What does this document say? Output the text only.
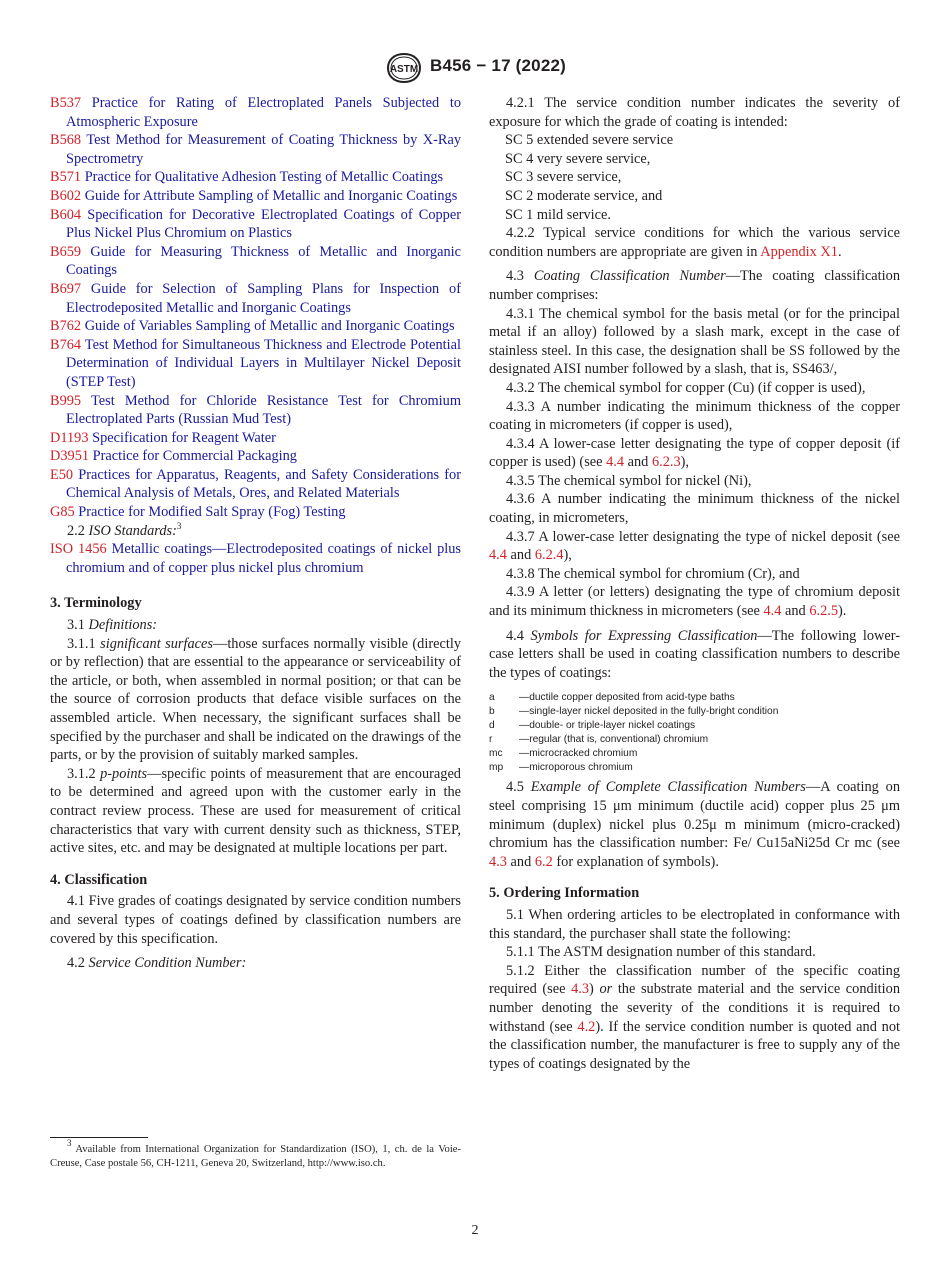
ASTM B456 − 17 (2022)
B537 Practice for Rating of Electroplated Panels Subjected to Atmospheric Exposure
B568 Test Method for Measurement of Coating Thickness by X-Ray Spectrometry
B571 Practice for Qualitative Adhesion Testing of Metallic Coatings
B602 Guide for Attribute Sampling of Metallic and Inorganic Coatings
B604 Specification for Decorative Electroplated Coatings of Copper Plus Nickel Plus Chromium on Plastics
B659 Guide for Measuring Thickness of Metallic and Inorganic Coatings
B697 Guide for Selection of Sampling Plans for Inspection of Electrodeposited Metallic and Inorganic Coatings
B762 Guide of Variables Sampling of Metallic and Inorganic Coatings
B764 Test Method for Simultaneous Thickness and Electrode Potential Determination of Individual Layers in Multilayer Nickel Deposit (STEP Test)
B995 Test Method for Chloride Resistance Test for Chromium Electroplated Parts (Russian Mud Test)
D1193 Specification for Reagent Water
D3951 Practice for Commercial Packaging
E50 Practices for Apparatus, Reagents, and Safety Considerations for Chemical Analysis of Metals, Ores, and Related Materials
G85 Practice for Modified Salt Spray (Fog) Testing
2.2 ISO Standards:$^3$
ISO 1456 Metallic coatings—Electrodeposited coatings of nickel plus chromium and of copper plus nickel plus chromium
3. Terminology
3.1 Definitions:
3.1.1 significant surfaces—those surfaces normally visible (directly or by reflection) that are essential to the appearance or serviceability of the article, or both, when assembled in normal position; or that can be the source of corrosion products that deface visible surfaces on the assembled article. When necessary, the significant surfaces shall be specified by the purchaser and shall be indicated on the drawings of the parts, or by the provision of suitably marked samples.
3.1.2 p-points—specific points of measurement that are encouraged to be determined and agreed upon with the customer early in the contract review process. These are used for measurement of critical characteristics that vary with current density such as thickness, STEP, active sites, etc. and may be designated at multiple locations per part.
4. Classification
4.1 Five grades of coatings designated by service condition numbers and several types of coatings defined by classification numbers are covered by this specification.
4.2 Service Condition Number:
4.2.1 The service condition number indicates the severity of exposure for which the grade of coating is intended:
SC 5 extended severe service
SC 4 very severe service,
SC 3 severe service,
SC 2 moderate service, and
SC 1 mild service.
4.2.2 Typical service conditions for which the various service condition numbers are appropriate are given in Appendix X1.
4.3 Coating Classification Number—The coating classification number comprises:
4.3.1 The chemical symbol for the basis metal (or for the principal metal if an alloy) followed by a slash mark, except in the case of stainless steel. In this case, the designation shall be SS followed by the designated AISI number followed by a slash, that is, SS463/,
4.3.2 The chemical symbol for copper (Cu) (if copper is used),
4.3.3 A number indicating the minimum thickness of the copper coating in micrometers (if copper is used),
4.3.4 A lower-case letter designating the type of copper deposit (if copper is used) (see 4.4 and 6.2.3),
4.3.5 The chemical symbol for nickel (Ni),
4.3.6 A number indicating the minimum thickness of the nickel coating, in micrometers,
4.3.7 A lower-case letter designating the type of nickel deposit (see 4.4 and 6.2.4),
4.3.8 The chemical symbol for chromium (Cr), and
4.3.9 A letter (or letters) designating the type of chromium deposit and its minimum thickness in micrometers (see 4.4 and 6.2.5).
4.4 Symbols for Expressing Classification—The following lower-case letters shall be used in coating classification numbers to describe the types of coatings:
a	—ductile copper deposited from acid-type baths
b	—single-layer nickel deposited in the fully-bright condition
d	—double- or triple-layer nickel coatings
r	—regular (that is, conventional) chromium
mc	—microcracked chromium
mp	—microporous chromium
4.5 Example of Complete Classification Numbers—A coating on steel comprising 15 μm minimum (ductile acid) copper plus 25 μm minimum (duplex) nickel plus 0.25μ m minimum (micro-cracked) chromium has the classification number: Fe/ Cu15aNi25d Cr mc (see 4.3 and 6.2 for explanation of symbols).
5. Ordering Information
5.1 When ordering articles to be electroplated in conformance with this standard, the purchaser shall state the following:
5.1.1 The ASTM designation number of this standard.
5.1.2 Either the classification number of the specific coating required (see 4.3) or the substrate material and the service condition number denoting the severity of the conditions it is required to withstand (see 4.2). If the service condition number is quoted and not the classification number, the manufacturer is free to supply any of the types of coatings designated by the
$^3$ Available from International Organization for Standardization (ISO), 1, ch. de la Voie-Creuse, Case postale 56, CH-1211, Geneva 20, Switzerland, http://www.iso.ch.
2
